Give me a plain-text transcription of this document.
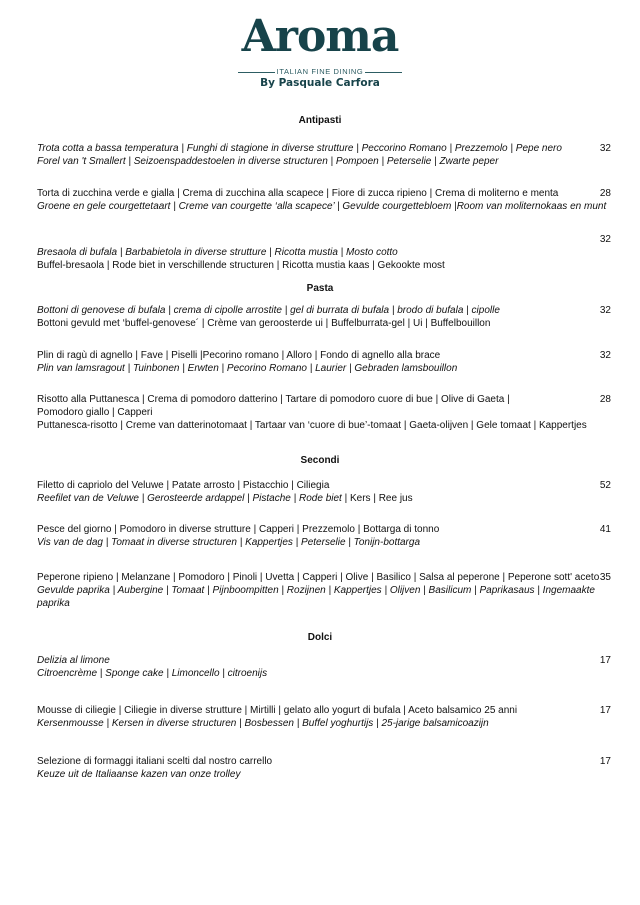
Aroma
ITALIAN FINE DINING
By Pasquale Carfora
Antipasti
Trota cotta a bassa temperatura | Funghi di stagione in diverse strutture | Peccorino Romano | Prezzemolo | Pepe nero
Forel van 't Smallert | Seizoenspaddestoelen in diverse structuren | Pompoen | Peterselie | Zwarte peper
32
Torta di zucchina verde e gialla | Crema di zucchina alla scapece | Fiore di zucca ripieno | Crema di moliterno e menta
Groene en gele courgettetaart | Creme van courgette ‘alla scapece’ | Gevulde courgettebloem |Room van moliternokaas en munt
28
Bresaola di bufala | Barbabietola in diverse strutture | Ricotta mustia | Mosto cotto
Buffel-bresaola | Rode biet in verschillende structuren | Ricotta mustia kaas | Gekookte most
32
Pasta
Bottoni di genovese di bufala | crema di cipolle arrostite | gel di burrata di bufala | brodo di bufala | cipolle
Bottoni gevuld met ‘buffel-genovese´ | Crème van geroosterde ui | Buffelburrata-gel | Ui | Buffelbouillon
32
Plin di ragù di agnello | Fave | Piselli |Pecorino romano | Alloro | Fondo di agnello alla brace
Plin van lamsragout | Tuinbonen | Erwten | Pecorino Romano | Laurier | Gebraden lamsbouillon
32
Risotto alla Puttanesca | Crema di pomodoro datterino | Tartare di pomodoro cuore di bue | Olive di Gaeta |
Pomodoro giallo | Capperi
Puttanesca-risotto | Creme van datterinotomaat | Tartaar van ‘cuore di bue’-tomaat | Gaeta-olijven | Gele tomaat | Kappertjes
28
Secondi
Filetto di capriolo del Veluwe | Patate arrosto | Pistacchio | Ciliegia
Reefilet van de Veluwe | Gerosteerde ardappel | Pistache | Rode biet | Kers | Ree jus
52
Pesce del giorno | Pomodoro in diverse strutture | Capperi | Prezzemolo | Bottarga di tonno
Vis van de dag | Tomaat in diverse structuren | Kappertjes | Peterselie | Tonijn-bottarga
41
Peperone ripieno | Melanzane | Pomodoro | Pinoli | Uvetta | Capperi | Olive | Basilico | Salsa al peperone | Peperone sott' aceto
Gevulde paprika | Aubergine | Tomaat | Pijnboompitten | Rozijnen | Kappertjes | Olijven | Basilicum | Paprikasaus | Ingemaakte
paprika
35
Dolci
Delizia al limone
Citroencrème | Sponge cake | Limoncello | citroenijs
17
Mousse di ciliegie | Ciliegie in diverse strutture | Mirtilli | gelato allo yogurt di bufala | Aceto balsamico 25 anni
Kersenmousse | Kersen in diverse structuren | Bosbessen | Buffel yoghurtijs | 25-jarige balsamicoazijn
17
Selezione di formaggi italiani scelti dal nostro carrello
Keuze uit de Italiaanse kazen van onze trolley
17
